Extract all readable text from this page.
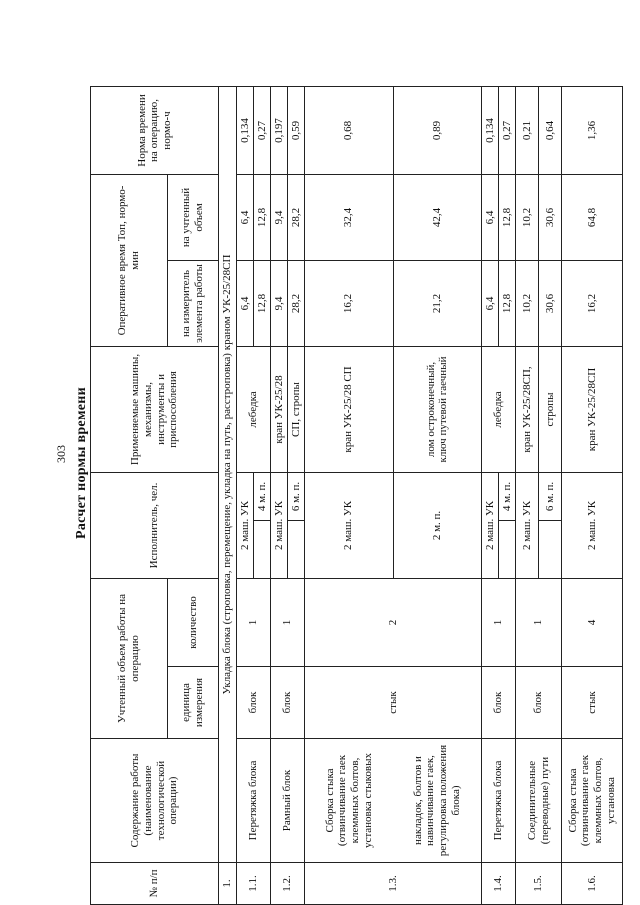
303 Расчет нормы времени
№ п/п	Содержание работы (наименование технологической операции)	Учтенный объем работы на операцию		Исполнитель, чел.		Применяемые машины, механизмы, инструменты и приспособления	Оперативное время Топ, нормо-мин		Норма времени на операцию, нормо-ч
		единица измерения	количество				на измеритель элемента работы	на учтенный объем	
1.	Укладка блока (строповка, перемещение, укладка на путь, расстроповка) краном УК-25/28СП								
1.1.	Перетяжка блока	блок	1	2 маш. УК		лебедка	6,4	6,4	0,134
					4 м. п.		12,8	12,8	0,27
1.2.	Рамный блок	блок	1	2 маш. УК		кран УК-25/28	9,4	9,4	0,197
					6 м. п.	СП, стропы	28,2	28,2	0,59
1.3.	Сборка стыка (отвинчивание гаек клеммных болтов, установка стыковых	стык	2	2 маш. УК		кран УК-25/28 СП	16,2	32,4	0,68
	накладок, болтов и навинчивание гаек, регулировка положения блока)			2 м. п.		лом остроконечный, ключ путевой гаечный	21,2	42,4	0,89
1.4.	Перетяжка блока	блок	1	2 маш. УК		лебедка	6,4	6,4	0,134
					4 м. п.		12,8	12,8	0,27
1.5.	Соединительные (переводные) пути	блок	1	2 маш. УК		кран УК-25/28СП,	10,2	10,2	0,21
					6 м. п.	стропы	30,6	30,6	0,64
1.6.	Сборка стыка (отвинчивание гаек клеммных болтов, установка	стык	4	2 маш. УК		кран УК-25/28СП	16,2	64,8	1,36
